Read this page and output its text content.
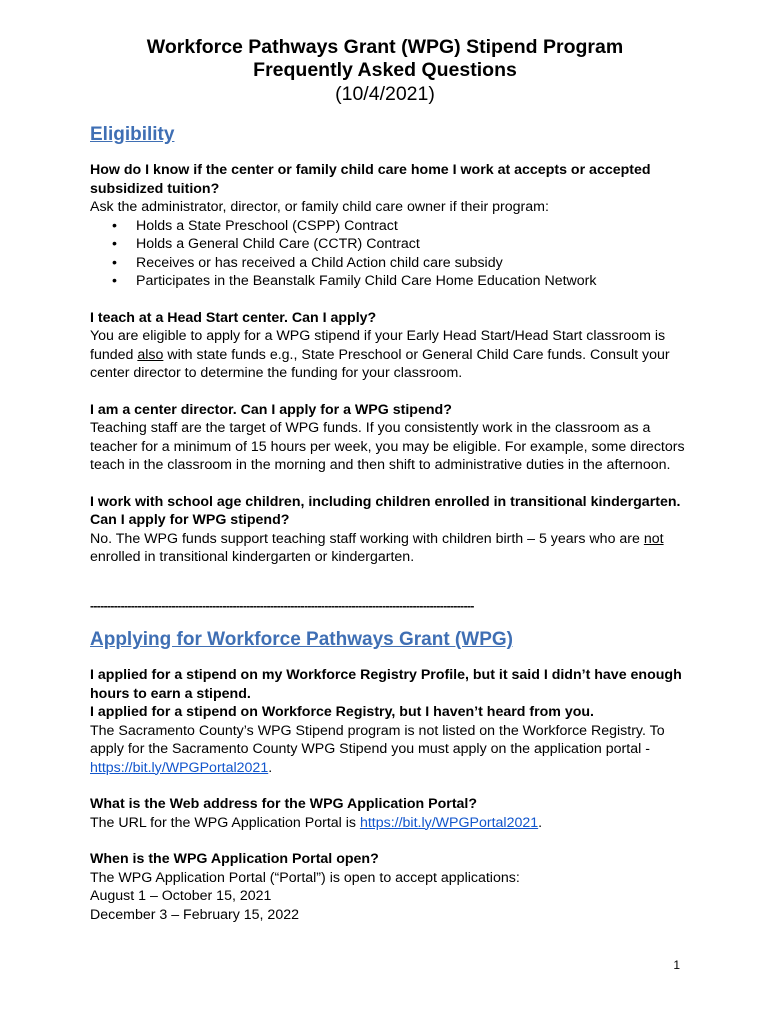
Workforce Pathways Grant (WPG) Stipend Program
Frequently Asked Questions
(10/4/2021)
Eligibility

How do I know if the center or family child care home I work at accepts or accepted subsidized tuition?

Ask the administrator, director, or family child care owner if their program:

• Holds a State Preschool (CSPP) Contract
• Holds a General Child Care (CCTR) Contract
• Receives or has received a Child Action child care subsidy
• Participates in the Beanstalk Family Child Care Home Education Network

I teach at a Head Start center. Can I apply?

You are eligible to apply for a WPG stipend if your Early Head Start/Head Start classroom is funded also with state funds e.g., State Preschool or General Child Care funds. Consult your center director to determine the funding for your classroom.

I am a center director. Can I apply for a WPG stipend?

Teaching staff are the target of WPG funds. If you consistently work in the classroom as a teacher for a minimum of 15 hours per week, you may be eligible. For example, some directors teach in the classroom in the morning and then shift to administrative duties in the afternoon.

I work with school age children, including children enrolled in transitional kindergarten. Can I apply for WPG stipend?

No. The WPG funds support teaching staff working with children birth – 5 years who are not enrolled in transitional kindergarten or kindergarten.

-----------------------------------------------------------------------------------------------------------------
Applying for Workforce Pathways Grant (WPG)

I applied for a stipend on my Workforce Registry Profile, but it said I didn’t have enough hours to earn a stipend.

I applied for a stipend on Workforce Registry, but I haven’t heard from you.

The Sacramento County’s WPG Stipend program is not listed on the Workforce Registry. To apply for the Sacramento County WPG Stipend you must apply on the application portal - https://bit.ly/WPGPortal2021.

What is the Web address for the WPG Application Portal?

The URL for the WPG Application Portal is https://bit.ly/WPGPortal2021.

When is the WPG Application Portal open?

The WPG Application Portal (“Portal”) is open to accept applications:

August 1 – October 15, 2021

December 3 – February 15, 2022

1
